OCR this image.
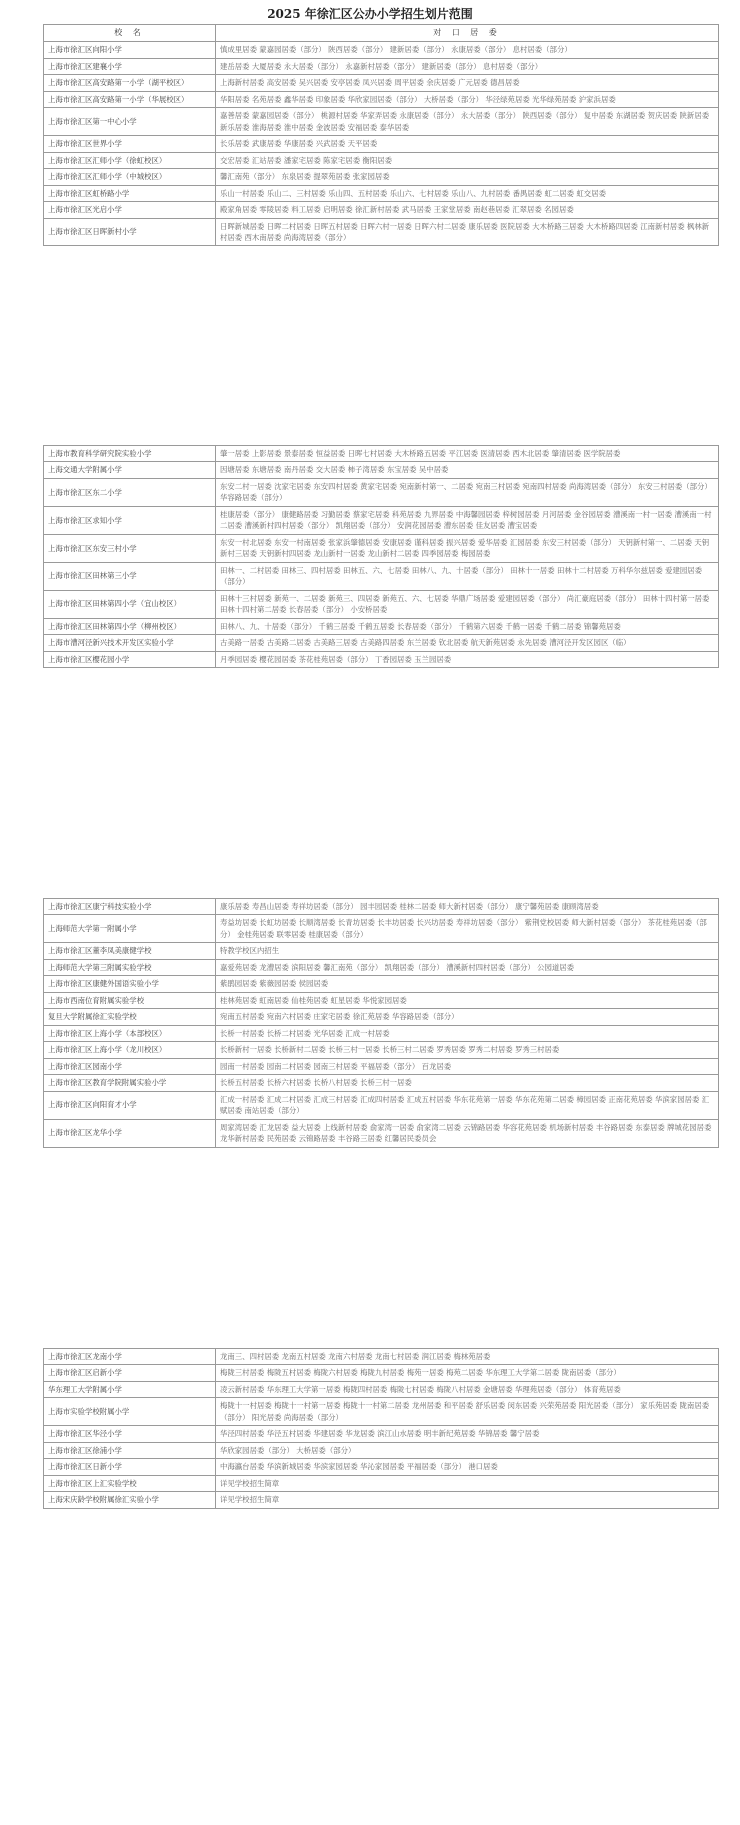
2025 年徐汇区公办小学招生划片范围
校 名	对 口 居 委
上海市徐汇区向阳小学	慎成里居委 蒙嘉园居委（部分） 陕西居委（部分） 建新居委（部分） 永康居委（部分） 息村居委（部分）
上海市徐汇区建襄小学	建岳居委 大厦居委 永大居委（部分） 永嘉新村居委（部分） 建新居委（部分） 息村居委（部分）
上海市徐汇区高安路第一小学（湖平校区）	上海新村居委 高安居委 吴兴居委 安亭居委 凤兴居委 周平居委 余庆居委 广元居委 德昌居委
上海市徐汇区高安路第一小学（华展校区）	华阳居委 名苑居委 鑫华居委 印象居委 华欣家园居委（部分） 大桥居委（部分） 华泾绿苑居委 光华绿苑居委 沪家浜居委
上海市徐汇区第一中心小学	嘉善居委 蒙嘉园居委（部分） 桃源村居委 华家弄居委 永康居委（部分） 永大居委（部分） 陕西居委（部分） 复中居委 东湖居委 贺庆居委 陕新居委 新乐居委 淮海居委 淮中居委 金波居委 安福居委 泰华居委
上海市徐汇区世界小学	长乐居委 武康居委 华康居委 兴武居委 天平居委
上海市徐汇区汇师小学（徐虹校区）	交宏居委 汇站居委 潘家宅居委 陈家宅居委 衡阳居委
上海市徐汇区汇师小学（中城校区）	馨汇南苑（部分） 东泉居委 提翠苑居委 张家园居委
上海市徐汇区虹桥路小学	乐山一村居委 乐山二、三村居委 乐山四、五村居委 乐山六、七村居委 乐山八、九村居委 番禺居委 虹二居委 虹交居委
上海市徐汇区光启小学	殿家角居委 零陵居委 料工居委 启明居委 徐汇新村居委 武马居委 王家堂居委 南赵巷居委 汇翠居委 名园居委
上海市徐汇区日晖新村小学	日晖新城居委 日晖二村居委 日晖五村居委 日晖六村一居委 日晖六村二居委 康乐居委 医院居委 大木桥路三居委 大木桥路四居委 江南新村居委 枫林新村居委 西木南居委 尚海湾居委（部分）
上海市教育科学研究院实验小学	肇一居委 上影居委 景泰居委 恒益居委 日晖七村居委 大木桥路五居委 平江居委 医清居委 西木北居委 肇清居委 医学院居委
上海交通大学附属小学	因塘居委 东塘居委 南丹居委 交大居委 柿子湾居委 东宝居委 吴中居委
上海市徐汇区东二小学	东安二村一居委 沈家宅居委 东安四村居委 黄家宅居委 宛南新村第一、二居委 宛南三村居委 宛南四村居委 尚海湾居委（部分） 东安三村居委（部分） 华容路居委（部分）
上海市徐汇区求知小学	桂康居委（部分） 康健路居委 习勤居委 蔡家宅居委 科苑居委 九界居委 中海馨园居委 梓树园居委 月河居委 金谷园居委 漕溪南一村一居委 漕溪南一村二居委 漕溪新村四村居委（部分） 凯翔居委（部分） 安润花园居委 漕东居委 佳友居委 漕宝居委
上海市徐汇区东安三村小学	东安一村北居委 东安一村南居委 张家浜肇德居委 安康居委 谨科居委 振兴居委 爱华居委 汇园居委 东安三村居委（部分） 天钥新村第一、二居委 天钥新村三居委 天钥新村四居委 龙山新村一居委 龙山新村二居委 四季园居委 梅园居委
上海市徐汇区田林第三小学	田林一、二村居委 田林三、四村居委 田林五、六、七居委 田林八、九、十居委（部分） 田林十一居委 田林十二村居委 万科华尔兹居委 爱建园居委（部分）
上海市徐汇区田林第四小学（宜山校区）	田林十三村居委 新苑一、二居委 新苑三、四居委 新苑五、六、七居委 华鼎广场居委 爱建园居委（部分） 尚汇豪庭居委（部分） 田林十四村第一居委 田林十四村第二居委 长春居委（部分） 小安桥居委
上海市徐汇区田林第四小学（柳州校区）	田林八、九、十居委（部分） 千鹤三居委 千鹤五居委 长春居委（部分） 千鹤第六居委 千鹤一居委 千鹤二居委 锦馨苑居委
上海市漕河泾新兴技术开发区实验小学	古美路一居委 古美路二居委 古美路三居委 古美路四居委 东兰居委 钦北居委 航天新苑居委 永先居委 漕河泾开发区园区（临）
上海市徐汇区樱花园小学	月季园居委 樱花园居委 茶花桂苑居委（部分） 丁香园居委 玉兰园居委
上海市徐汇区康宁科技实验小学	康乐居委 寿昌山居委 寿祥坊居委（部分） 园丰园居委 桂林二居委 师大新村居委（部分） 康宁馨苑居委 康顾湾居委
上海师范大学第一附属小学	寿益坊居委 长虹坊居委 长顺湾居委 长青坊居委 长丰坊居委 长兴坊居委 寿祥坊居委（部分） 紫荆党校居委 师大新村居委（部分） 茶花桂苑居委（部分） 金桂苑居委 联零居委 桂康居委（部分）
上海市徐汇区董李凤美康健学校	特教学校区内招生
上海师范大学第三附属实验学校	嘉爱苑居委 龙漕居委 滨阳居委 馨汇南苑（部分） 凯翔居委（部分） 漕溪新村四村居委（部分） 公园道居委
上海市徐汇区康健外国语实验小学	紫鹃园居委 紫薇园居委 侯园居委
上海市西南位育附属实验学校	桂林苑居委 虹南居委 仙桂苑居委 虹星居委 华悦家园居委
复旦大学附属徐汇实验学校	宛南五村居委 宛南六村居委 庄家宅居委 徐汇苑居委 华容路居委（部分）
上海市徐汇区上海小学（本部校区）	长桥一村居委 长桥二村居委 光华居委 汇成一村居委
上海市徐汇区上海小学（龙川校区）	长桥新村一居委 长桥新村二居委 长桥三村一居委 长桥三村二居委 罗秀居委 罗秀二村居委 罗秀三村居委
上海市徐汇区园南小学	园南一村居委 园南二村居委 园南三村居委 平福居委（部分） 百龙居委
上海市徐汇区教育学院附属实验小学	长桥五村居委 长桥六村居委 长桥八村居委 长桥三村一居委
上海市徐汇区向阳育才小学	汇成一村居委 汇成二村居委 汇成三村居委 汇成四村居委 汇成五村居委 华东花苑第一居委 华东花苑第二居委 樟园居委 正南花苑居委 华滨家园居委 汇赋居委 南站居委（部分）
上海市徐汇区龙华小学	周家湾居委 汇龙居委 益大居委 上线新村居委 俞家湾一居委 俞家湾二居委 云锦路居委 华容花苑居委 机场新村居委 丰谷路居委 东泰居委 牌城花园居委 龙华新村居委 民苑居委 云锦路居委 丰谷路三居委 红馨居民委员会
上海市徐汇区龙南小学	龙南三、四村居委 龙南五村居委 龙南六村居委 龙南七村居委 润江居委 梅林苑居委
上海市徐汇区启新小学	梅陇三村居委 梅陇五村居委 梅陇六村居委 梅陇九村居委 梅苑一居委 梅苑二居委 华东理工大学第二居委 陇南居委（部分）
华东理工大学附属小学	凌云新村居委 华东理工大学第一居委 梅陇四村居委 梅陇七村居委 梅陇八村居委 金塘居委 华理苑居委（部分） 体育苑居委
上海市实验学校附属小学	梅陇十一村居委 梅陇十一村第一居委 梅陇十一村第二居委 龙州居委 和平居委 舒乐居委 闵东居委 兴荣苑居委 阳光居委（部分） 家乐苑居委 陇南居委（部分） 阳光居委 尚海居委（部分）
上海市徐汇区华泾小学	华泾四村居委 华泾五村居委 华建居委 华龙居委 滨江山水居委 明丰新纪苑居委 华锦居委 馨宁居委
上海市徐汇区徐浦小学	华欣家园居委（部分） 大桥居委（部分）
上海市徐汇区日新小学	中海瀛台居委 华滨新城居委 华滨家园居委 华沁家园居委 平福居委（部分） 港口居委
上海市徐汇区上汇实验学校	详见学校招生简章
上海宋庆龄学校附属徐汇实验小学	详见学校招生简章
